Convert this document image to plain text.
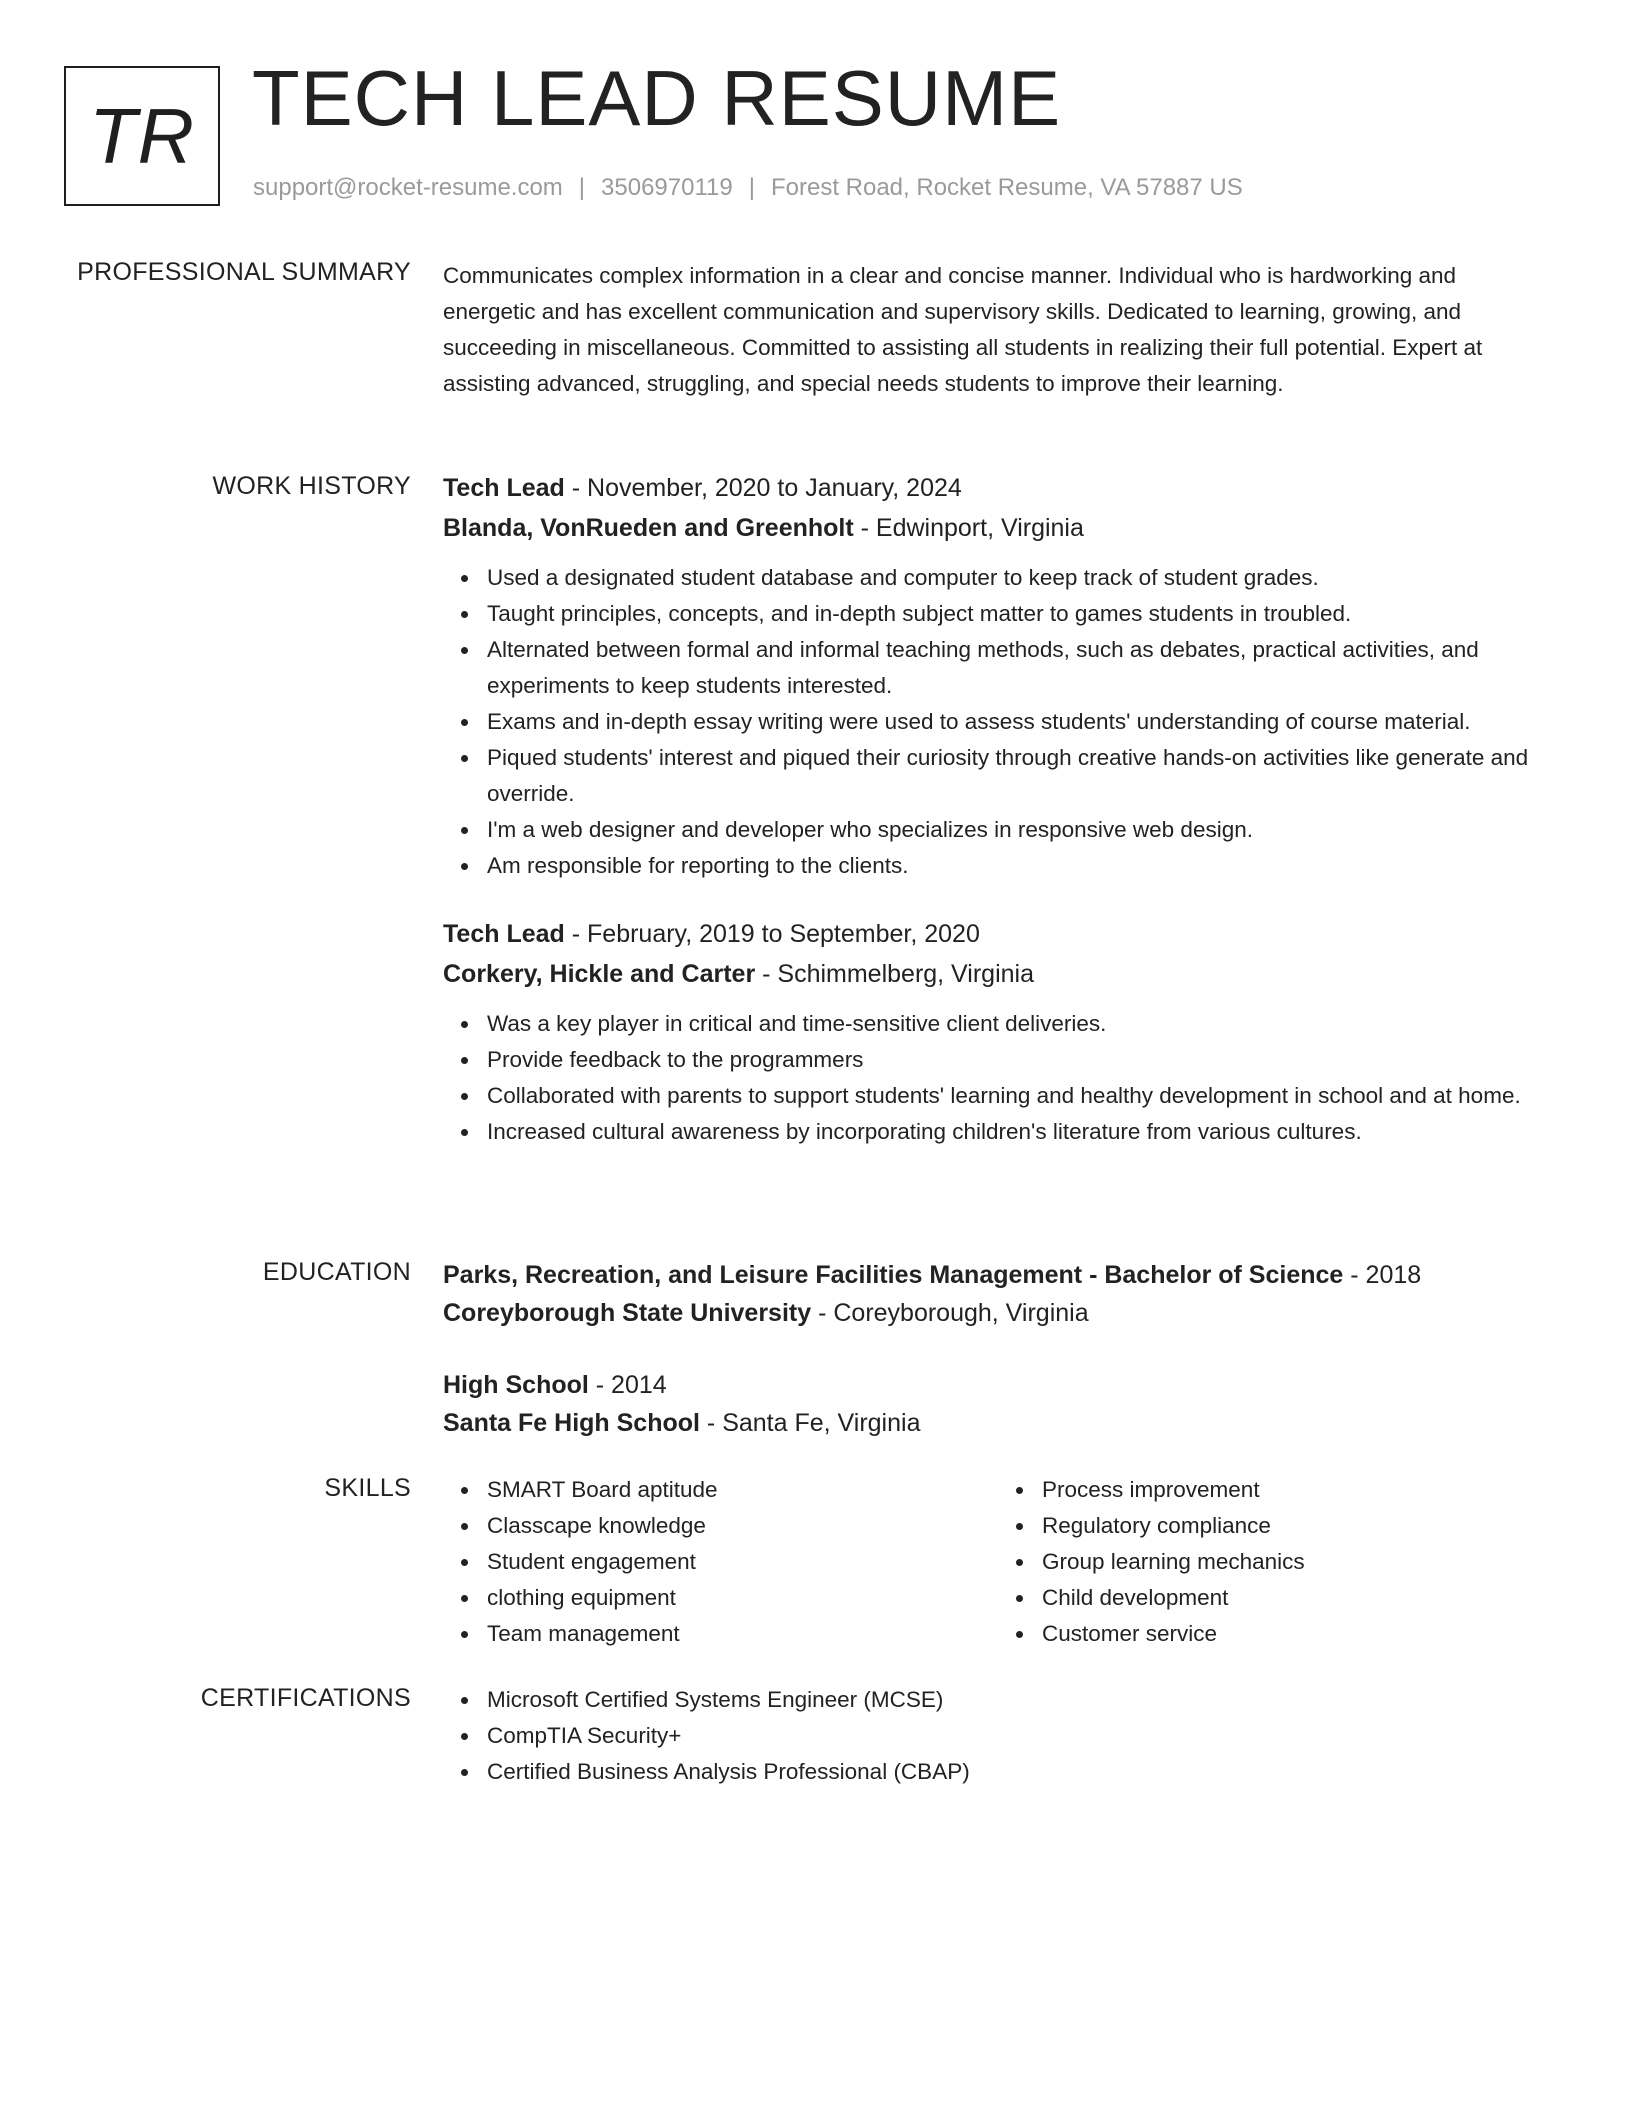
TR TECH LEAD RESUME
support@rocket-resume.com | 3506970119 | Forest Road, Rocket Resume, VA 57887 US
PROFESSIONAL SUMMARY Communicates complex information in a clear and concise manner. Individual who is hardworking and energetic and has excellent communication and supervisory skills. Dedicated to learning, growing, and succeeding in miscellaneous. Committed to assisting all students in realizing their full potential. Expert at assisting advanced, struggling, and special needs students to improve their learning.

WORK HISTORY Tech Lead - November, 2020 to January, 2024
Blanda, VonRueden and Greenholt - Edwinport, Virginia
Used a designated student database and computer to keep track of student grades.
Taught principles, concepts, and in-depth subject matter to games students in troubled.
Alternated between formal and informal teaching methods, such as debates, practical activities, and experiments to keep students interested.
Exams and in-depth essay writing were used to assess students' understanding of course material.
Piqued students' interest and piqued their curiosity through creative hands-on activities like generate and override.
I'm a web designer and developer who specializes in responsive web design.
Am responsible for reporting to the clients.
Tech Lead - February, 2019 to September, 2020
Corkery, Hickle and Carter - Schimmelberg, Virginia
Was a key player in critical and time-sensitive client deliveries.
Provide feedback to the programmers
Collaborated with parents to support students' learning and healthy development in school and at home.
Increased cultural awareness by incorporating children's literature from various cultures.
EDUCATION Parks, Recreation, and Leisure Facilities Management - Bachelor of Science - 2018
Coreyborough State University - Coreyborough, Virginia
High School - 2014
Santa Fe High School - Santa Fe, Virginia
SKILLS	SMART Board aptitude
Classcape knowledge
Student engagement
clothing equipment
Team management
Process improvement
Regulatory compliance
Group learning mechanics
Child development
Customer service
CERTIFICATIONS	Microsoft Certified Systems Engineer (MCSE)
CompTIA Security+
Certified Business Analysis Professional (CBAP)
